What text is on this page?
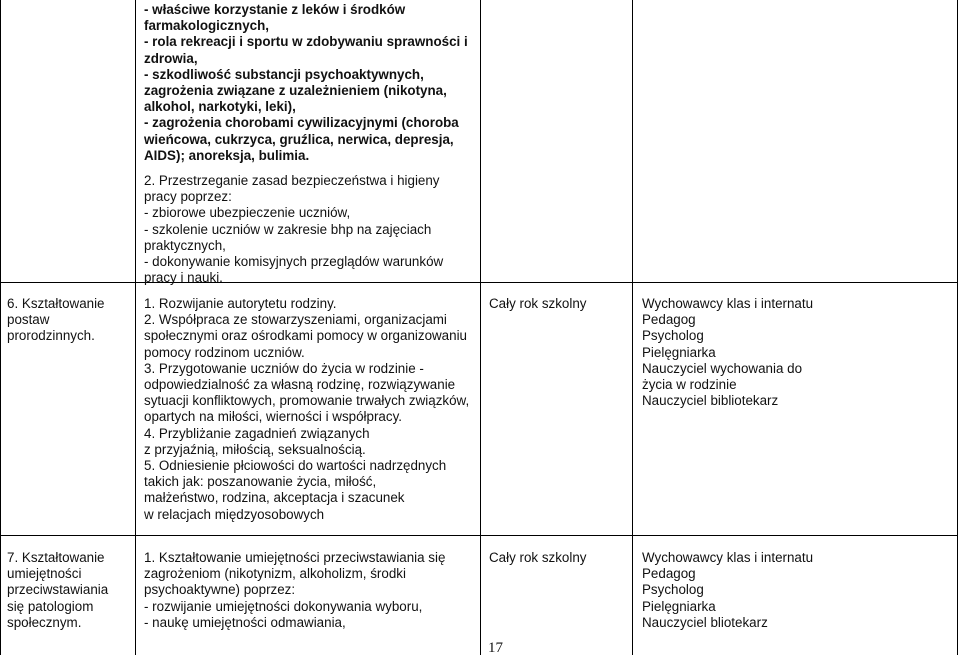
- właściwe korzystanie z leków i środków
farmakologicznych,
- rola rekreacji i sportu w zdobywaniu sprawności i
zdrowia,
- szkodliwość substancji psychoaktywnych,
zagrożenia związane z uzależnieniem (nikotyna,
alkohol, narkotyki, leki),
- zagrożenia chorobami cywilizacyjnymi (choroba
wieńcowa, cukrzyca, gruźlica, nerwica, depresja,
AIDS); anoreksja, bulimia.
2. Przestrzeganie zasad bezpieczeństwa i higieny
pracy poprzez:
- zbiorowe ubezpieczenie uczniów,
- szkolenie uczniów w zakresie bhp na zajęciach
praktycznych,
- dokonywanie komisyjnych przeglądów warunków
pracy i nauki.
6. Kształtowanie
postaw
prorodzinnych.
1. Rozwijanie autorytetu rodziny.
2. Współpraca ze stowarzyszeniami, organizacjami
społecznymi oraz ośrodkami pomocy w organizowaniu
pomocy rodzinom uczniów.
3. Przygotowanie uczniów do życia w rodzinie -
odpowiedzialność za własną rodzinę, rozwiązywanie
sytuacji konfliktowych, promowanie trwałych związków,
opartych na miłości, wierności i współpracy.
4. Przybliżanie zagadnień związanych
z przyjaźnią, miłością, seksualnością.
5. Odniesienie płciowości do wartości nadrzędnych
takich jak: poszanowanie życia, miłość,
małżeństwo, rodzina, akceptacja i szacunek
w relacjach międzyosobowych
Cały rok szkolny	Wychowawcy klas i internatu
Pedagog
Psycholog
Pielęgniarka
Nauczyciel wychowania do
życia w rodzinie
Nauczyciel bibliotekarz
7. Kształtowanie
umiejętności
przeciwstawiania
się patologiom
społecznym.
1. Kształtowanie umiejętności przeciwstawiania się
zagrożeniom (nikotynizm, alkoholizm, środki
psychoaktywne) poprzez:
- rozwijanie umiejętności dokonywania wyboru,
- naukę umiejętności odmawiania,
Cały rok szkolny	Wychowawcy klas i internatu
Pedagog
Psycholog
Pielęgniarka
Nauczyciel bliotekarz
17
